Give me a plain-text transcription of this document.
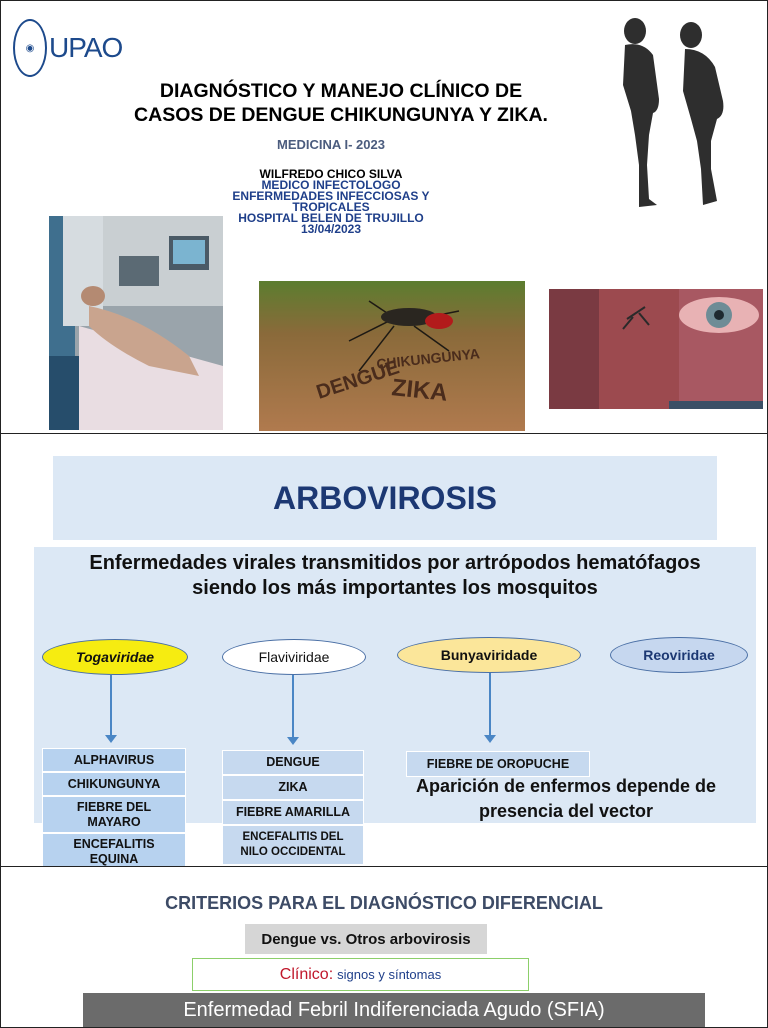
◉ UPAO
DIAGNÓSTICO Y MANEJO CLÍNICO DE
CASOS DE DENGUE CHIKUNGUNYA Y ZIKA.
MEDICINA I- 2023
WILFREDO CHICO SILVA
MEDICO INFECTOLOGO
ENFERMEDADES INFECCIOSAS Y
TROPICALES
HOSPITAL BELEN DE TRUJILLO
13/04/2023
DENGUE
CHIKUNGUNYA
ZIKA
ARBOVIROSIS
Enfermedades virales transmitidos por artrópodos hematófagos
siendo los más importantes los mosquitos
Togaviridae	Flaviviridae	Bunyaviridade	Reoviridae
ALPHAVIRUS
CHIKUNGUNYA
FIEBRE DEL MAYARO
ENCEFALITIS EQUINA
DENGUE
ZIKA
FIEBRE AMARILLA
ENCEFALITIS DEL NILO OCCIDENTAL
FIEBRE DE OROPUCHE
Aparición de enfermos depende de
presencia del vector
CRITERIOS PARA EL DIAGNÓSTICO DIFERENCIAL
Dengue vs. Otros arbovirosis
Clínico: signos y síntomas
Enfermedad Febril Indiferenciada Agudo (SFIA)
